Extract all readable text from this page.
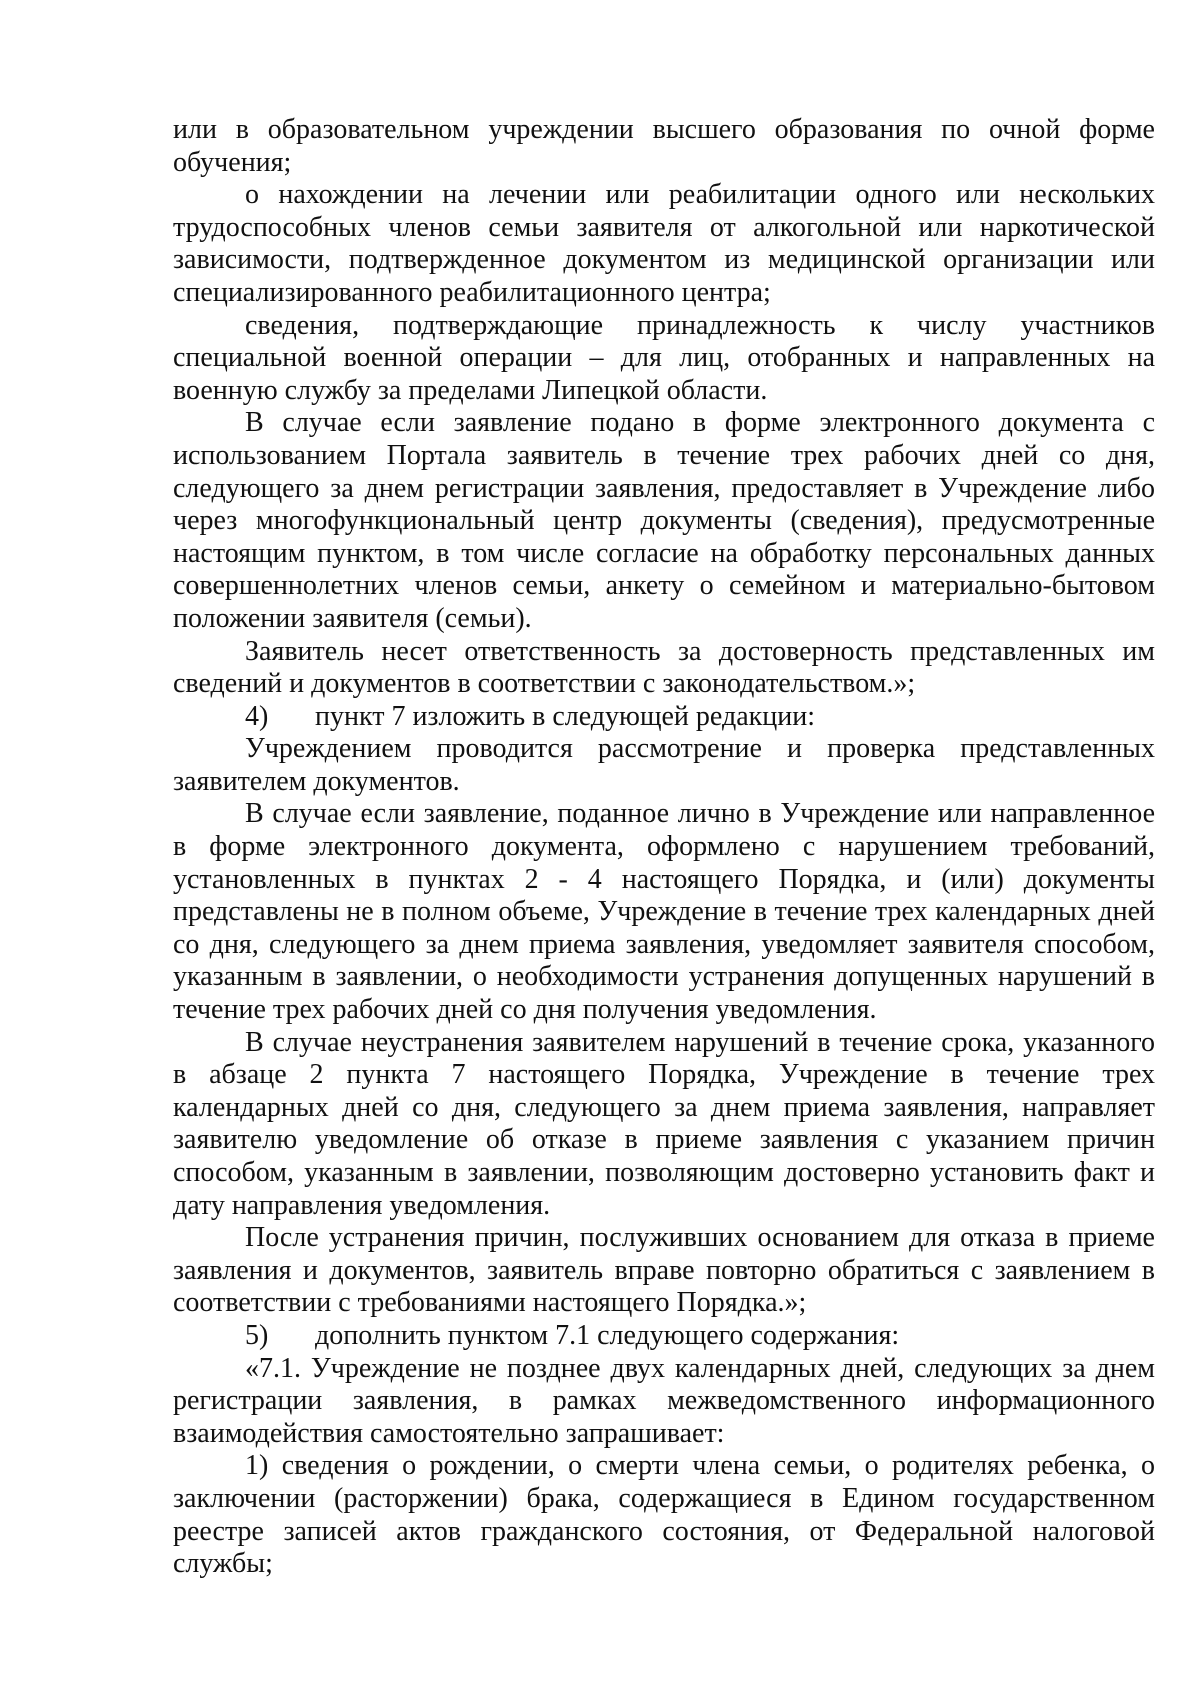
или в образовательном учреждении высшего образования по очной форме обучения;

о нахождении на лечении или реабилитации одного или нескольких трудоспособных членов семьи заявителя от алкогольной или наркотической зависимости, подтвержденное документом из медицинской организации или специализированного реабилитационного центра;

сведения, подтверждающие принадлежность к числу участников специальной военной операции – для лиц, отобранных и направленных на военную службу за пределами Липецкой области.

В случае если заявление подано в форме электронного документа с использованием Портала заявитель в течение трех рабочих дней со дня, следующего за днем регистрации заявления, предоставляет в Учреждение либо через многофункциональный центр документы (сведения), предусмотренные настоящим пунктом, в том числе согласие на обработку персональных данных совершеннолетних членов семьи, анкету о семейном и материально-бытовом положении заявителя (семьи).

Заявитель несет ответственность за достоверность представленных им сведений и документов в соответствии с законодательством.»;

4) пункт 7 изложить в следующей редакции:

Учреждением проводится рассмотрение и проверка представленных заявителем документов.

В случае если заявление, поданное лично в Учреждение или направленное в форме электронного документа, оформлено с нарушением требований, установленных в пунктах 2 - 4 настоящего Порядка, и (или) документы представлены не в полном объеме, Учреждение в течение трех календарных дней со дня, следующего за днем приема заявления, уведомляет заявителя способом, указанным в заявлении, о необходимости устранения допущенных нарушений в течение трех рабочих дней со дня получения уведомления.

В случае неустранения заявителем нарушений в течение срока, указанного в абзаце 2 пункта 7 настоящего Порядка, Учреждение в течение трех календарных дней со дня, следующего за днем приема заявления, направляет заявителю уведомление об отказе в приеме заявления с указанием причин способом, указанным в заявлении, позволяющим достоверно установить факт и дату направления уведомления.

После устранения причин, послуживших основанием для отказа в приеме заявления и документов, заявитель вправе повторно обратиться с заявлением в соответствии с требованиями настоящего Порядка.»;

5) дополнить пунктом 7.1 следующего содержания:

«7.1. Учреждение не позднее двух календарных дней, следующих за днем регистрации заявления, в рамках межведомственного информационного взаимодействия самостоятельно запрашивает:

1) сведения о рождении, о смерти члена семьи, о родителях ребенка, о заключении (расторжении) брака, содержащиеся в Едином государственном реестре записей актов гражданского состояния, от Федеральной налоговой службы;
